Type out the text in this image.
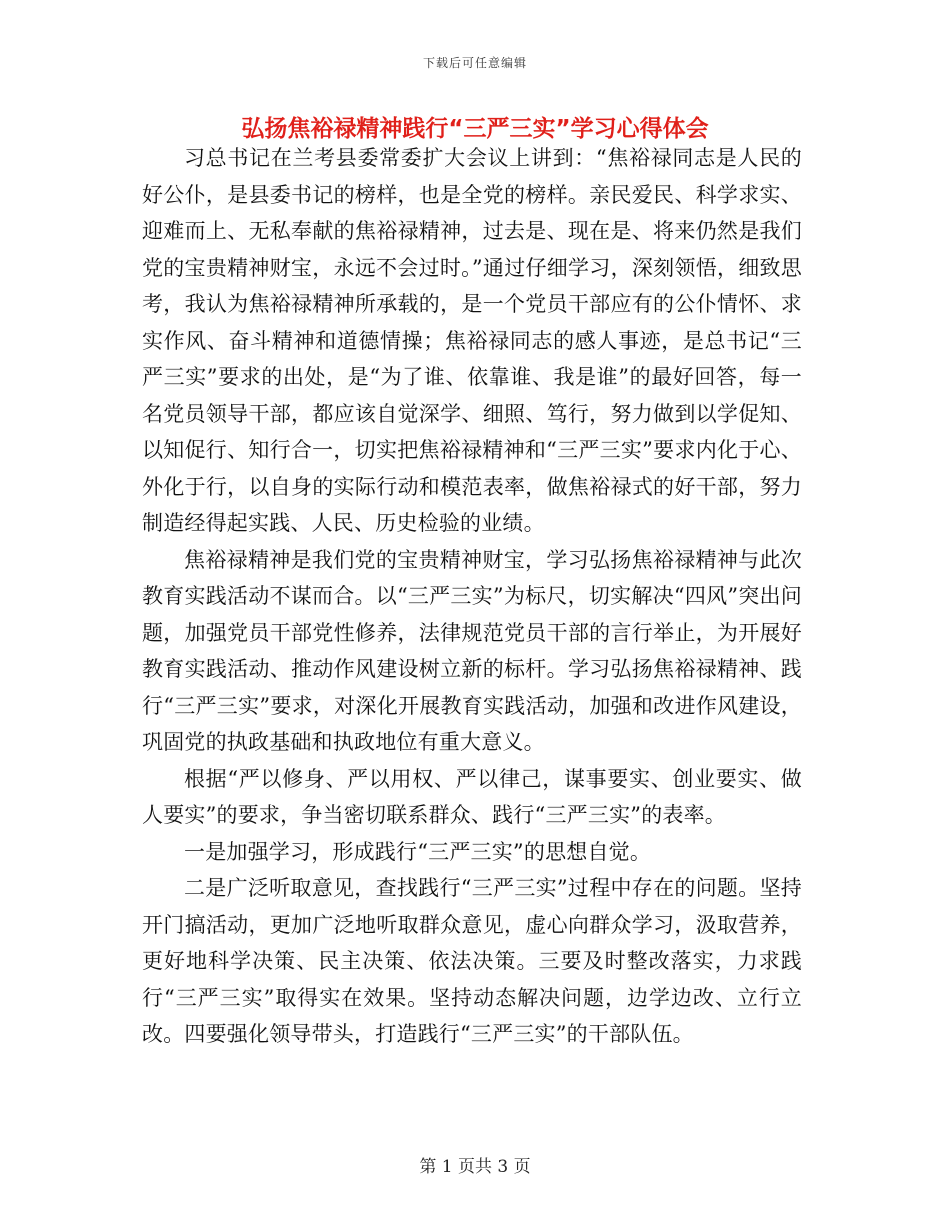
下载后可任意编辑
弘扬焦裕禄精神践行“三严三实”学习心得体会

习总书记在兰考县委常委扩大会议上讲到：“焦裕禄同志是人民的好公仆，是县委书记的榜样，也是全党的榜样。亲民爱民、科学求实、迎难而上、无私奉献的焦裕禄精神，过去是、现在是、将来仍然是我们党的宝贵精神财宝，永远不会过时。”通过仔细学习，深刻领悟，细致思考，我认为焦裕禄精神所承载的，是一个党员干部应有的公仆情怀、求实作风、奋斗精神和道德情操；焦裕禄同志的感人事迹，是总书记“三严三实”要求的出处，是“为了谁、依靠谁、我是谁”的最好回答，每一名党员领导干部，都应该自觉深学、细照、笃行，努力做到以学促知、以知促行、知行合一，切实把焦裕禄精神和“三严三实”要求内化于心、外化于行，以自身的实际行动和模范表率，做焦裕禄式的好干部，努力制造经得起实践、人民、历史检验的业绩。

焦裕禄精神是我们党的宝贵精神财宝，学习弘扬焦裕禄精神与此次教育实践活动不谋而合。以“三严三实”为标尺，切实解决“四风”突出问题，加强党员干部党性修养，法律规范党员干部的言行举止，为开展好教育实践活动、推动作风建设树立新的标杆。学习弘扬焦裕禄精神、践行“三严三实”要求，对深化开展教育实践活动，加强和改进作风建设，巩固党的执政基础和执政地位有重大意义。

根据“严以修身、严以用权、严以律己，谋事要实、创业要实、做人要实”的要求，争当密切联系群众、践行“三严三实”的表率。

一是加强学习，形成践行“三严三实”的思想自觉。

二是广泛听取意见，查找践行“三严三实”过程中存在的问题。坚持开门搞活动，更加广泛地听取群众意见，虚心向群众学习，汲取营养，更好地科学决策、民主决策、依法决策。三要及时整改落实，力求践行“三严三实”取得实在效果。坚持动态解决问题，边学边改、立行立改。四要强化领导带头，打造践行“三严三实”的干部队伍。

第 1 页共 3 页
